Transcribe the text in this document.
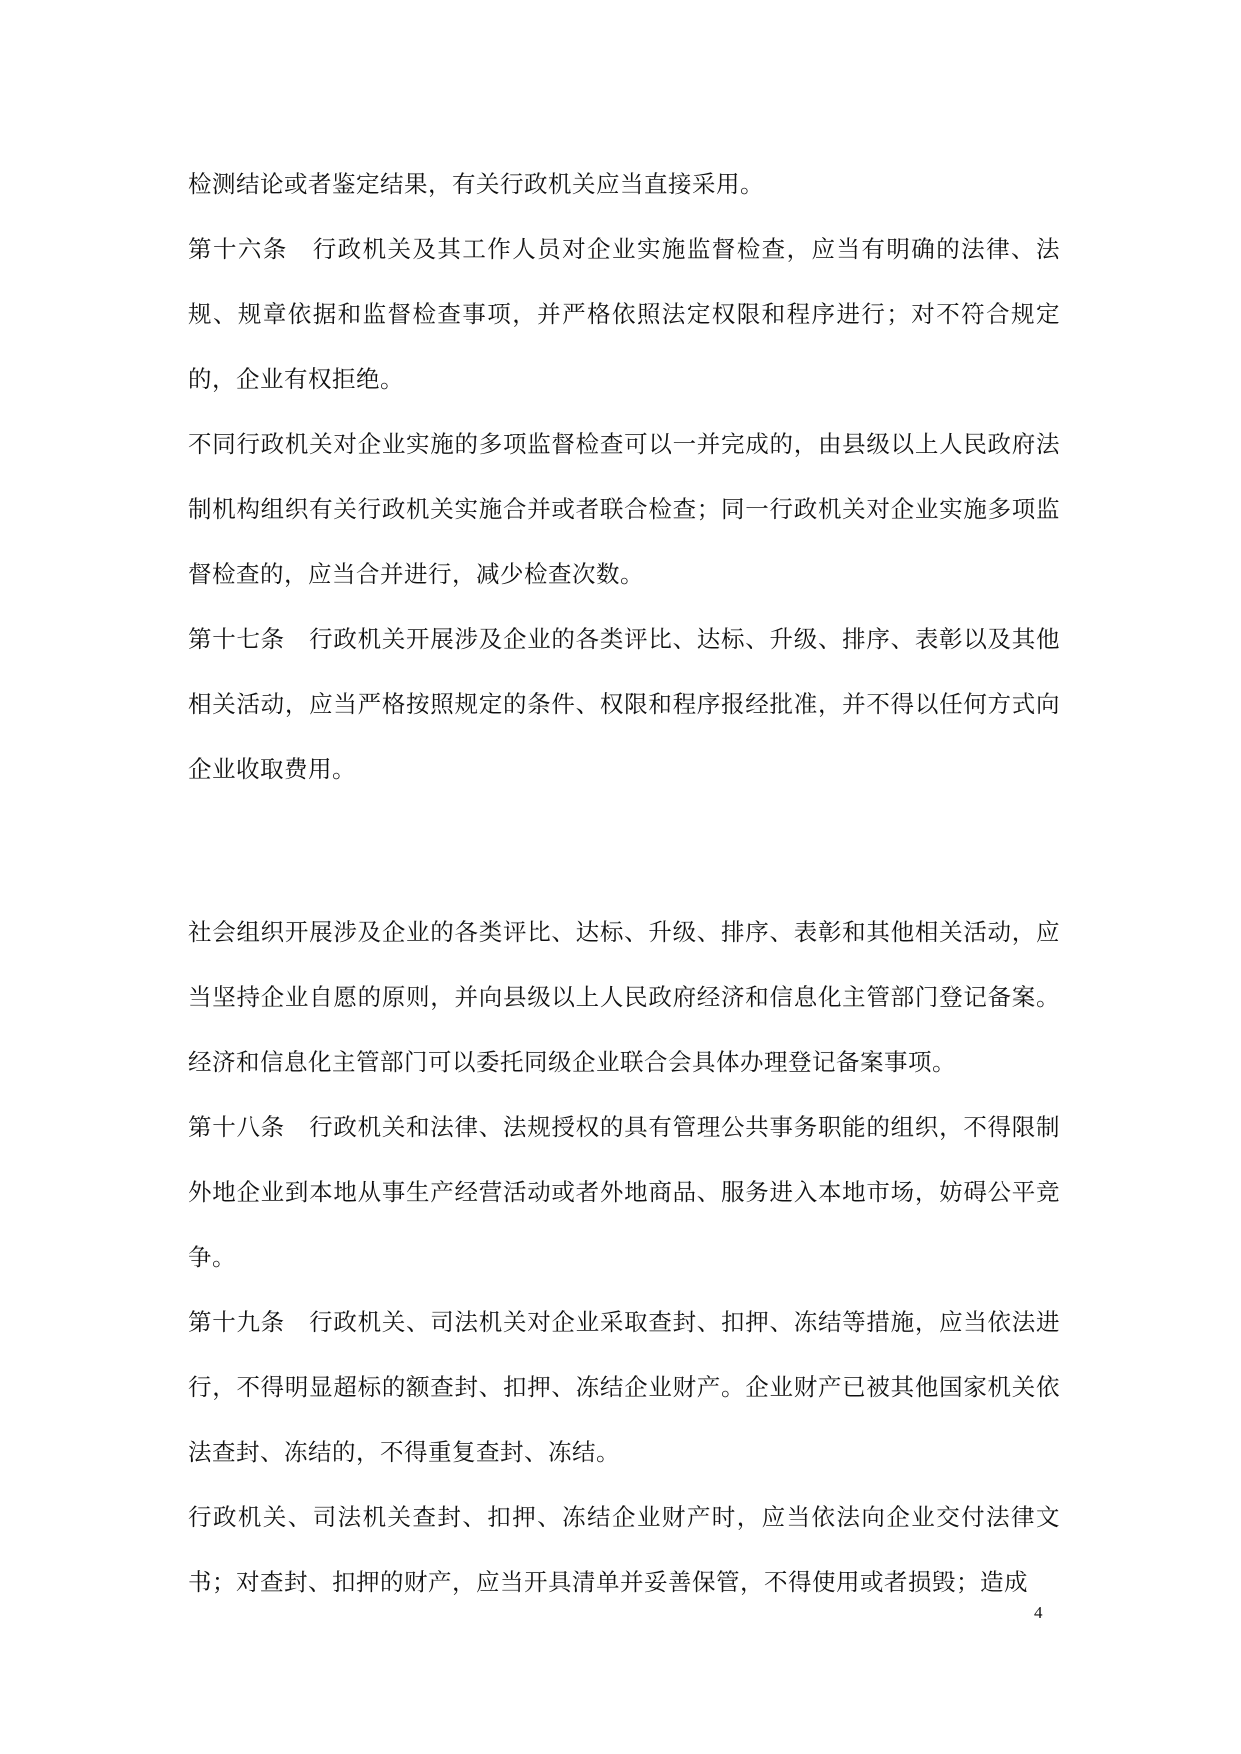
检测结论或者鉴定结果，有关行政机关应当直接采用。

第十六条　行政机关及其工作人员对企业实施监督检查，应当有明确的法律、法规、规章依据和监督检查事项，并严格依照法定权限和程序进行；对不符合规定的，企业有权拒绝。

不同行政机关对企业实施的多项监督检查可以一并完成的，由县级以上人民政府法制机构组织有关行政机关实施合并或者联合检查；同一行政机关对企业实施多项监督检查的，应当合并进行，减少检查次数。

第十七条　行政机关开展涉及企业的各类评比、达标、升级、排序、表彰以及其他相关活动，应当严格按照规定的条件、权限和程序报经批准，并不得以任何方式向企业收取费用。

社会组织开展涉及企业的各类评比、达标、升级、排序、表彰和其他相关活动，应当坚持企业自愿的原则，并向县级以上人民政府经济和信息化主管部门登记备案。经济和信息化主管部门可以委托同级企业联合会具体办理登记备案事项。

第十八条　行政机关和法律、法规授权的具有管理公共事务职能的组织，不得限制外地企业到本地从事生产经营活动或者外地商品、服务进入本地市场，妨碍公平竞争。

第十九条　行政机关、司法机关对企业采取查封、扣押、冻结等措施，应当依法进行，不得明显超标的额查封、扣押、冻结企业财产。企业财产已被其他国家机关依法查封、冻结的，不得重复查封、冻结。

行政机关、司法机关查封、扣押、冻结企业财产时，应当依法向企业交付法律文书；对查封、扣押的财产，应当开具清单并妥善保管，不得使用或者损毁；造成

4
